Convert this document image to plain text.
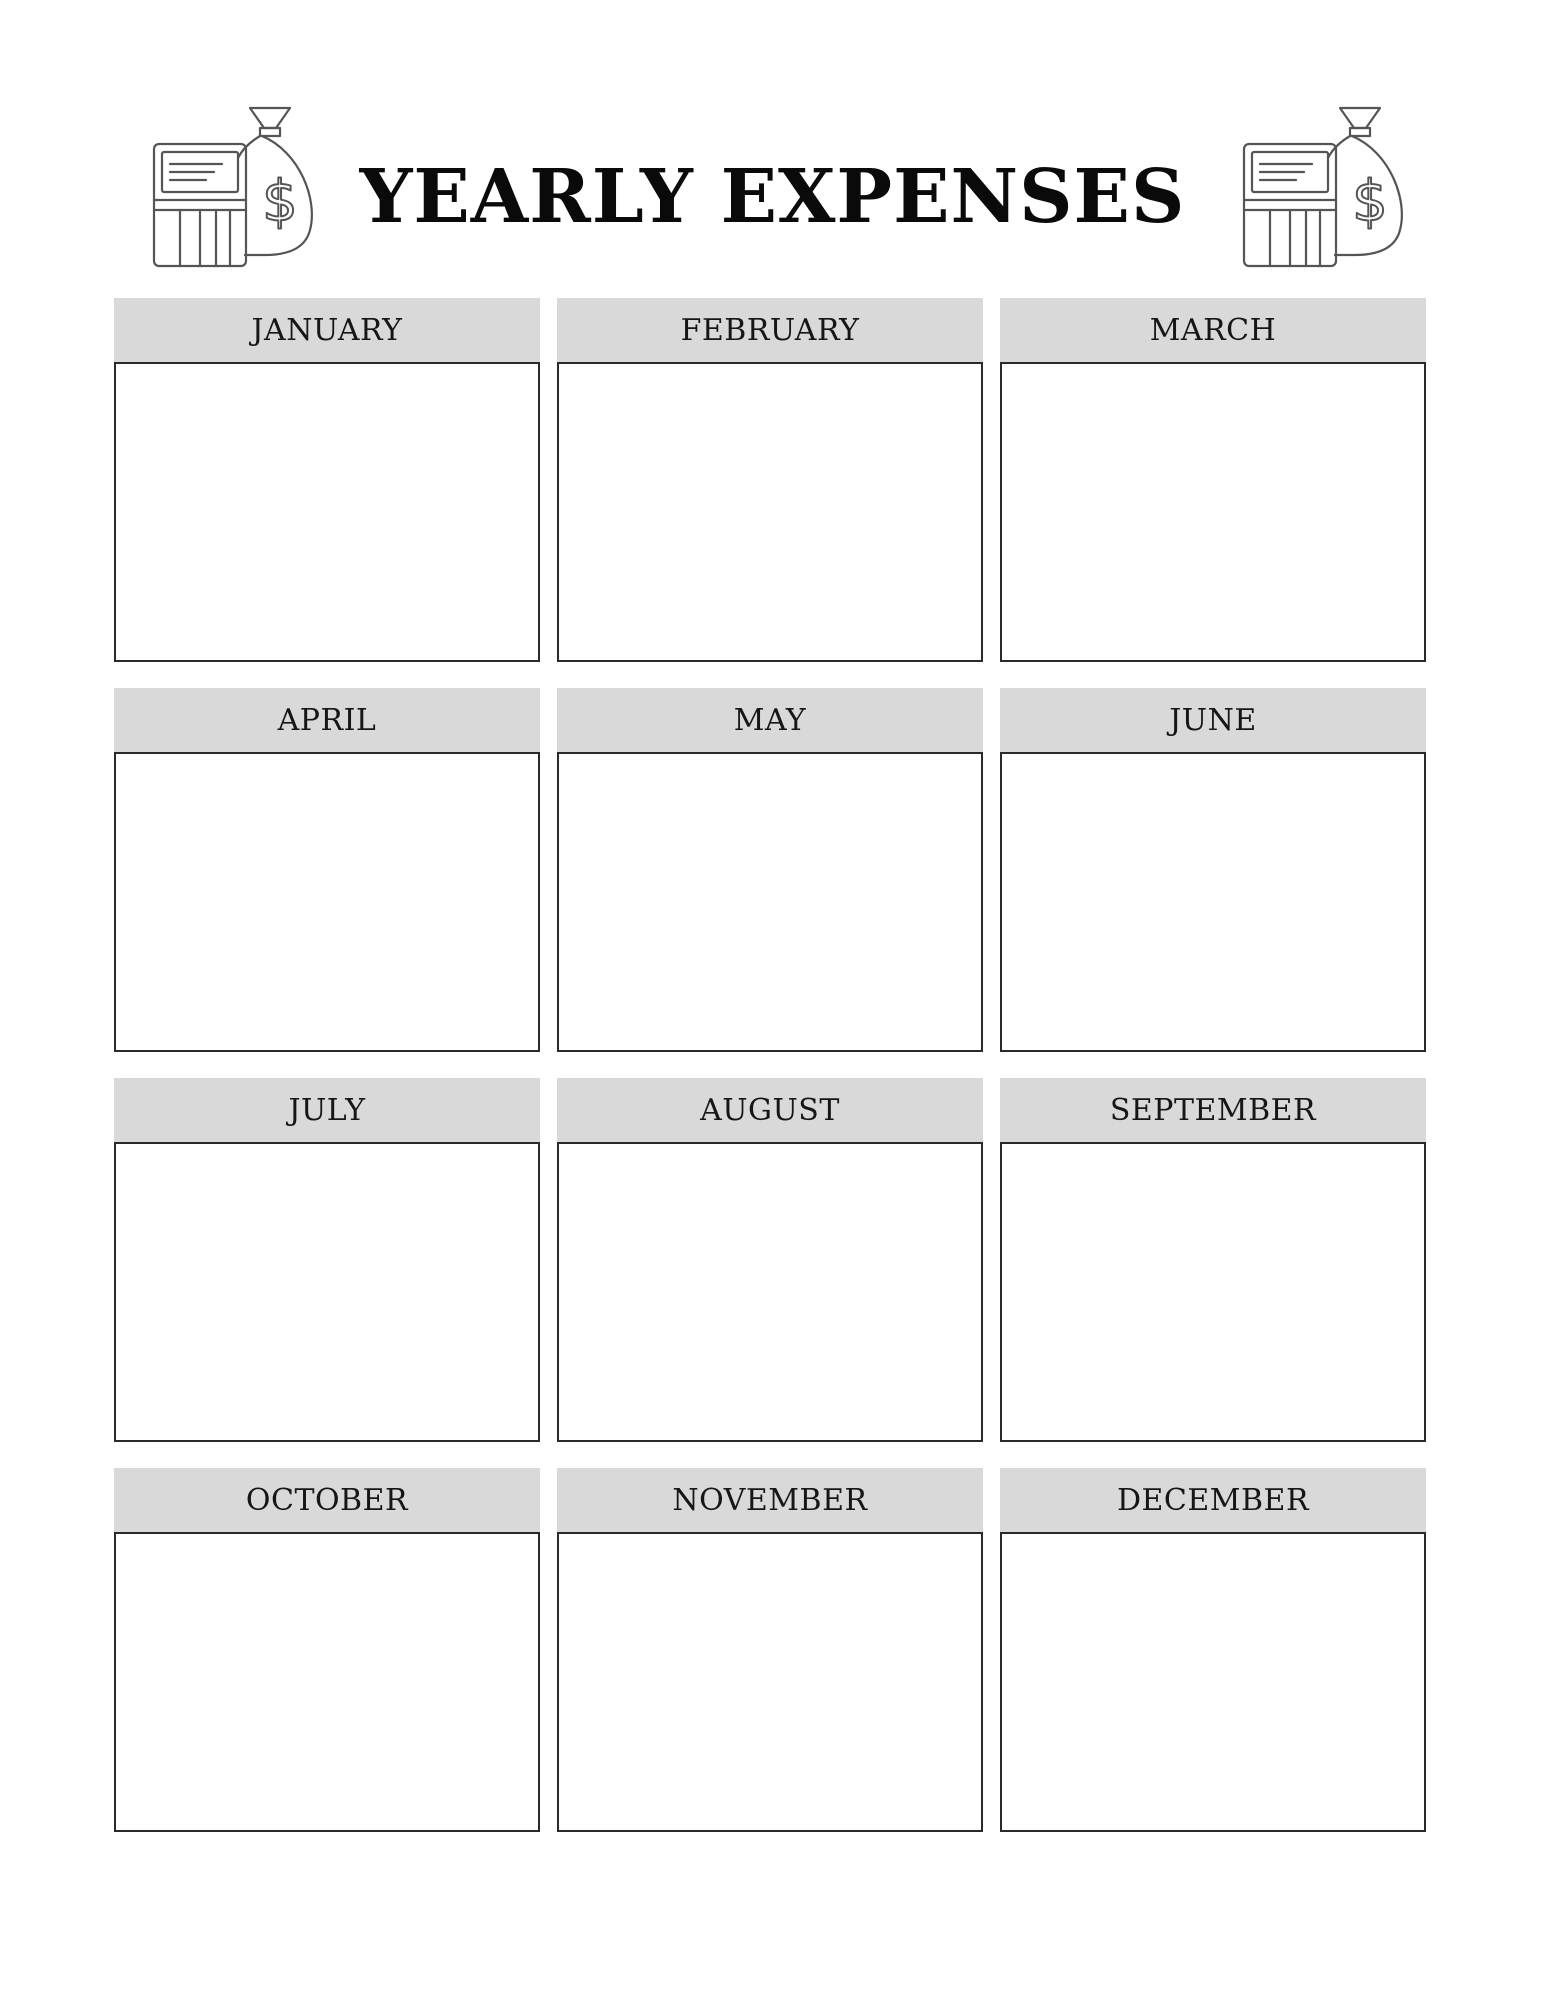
$ YEARLY EXPENSES	$
JANUARY	FEBRUARY	MARCH
APRIL	MAY	JUNE
JULY	AUGUST	SEPTEMBER
OCTOBER	NOVEMBER	DECEMBER
